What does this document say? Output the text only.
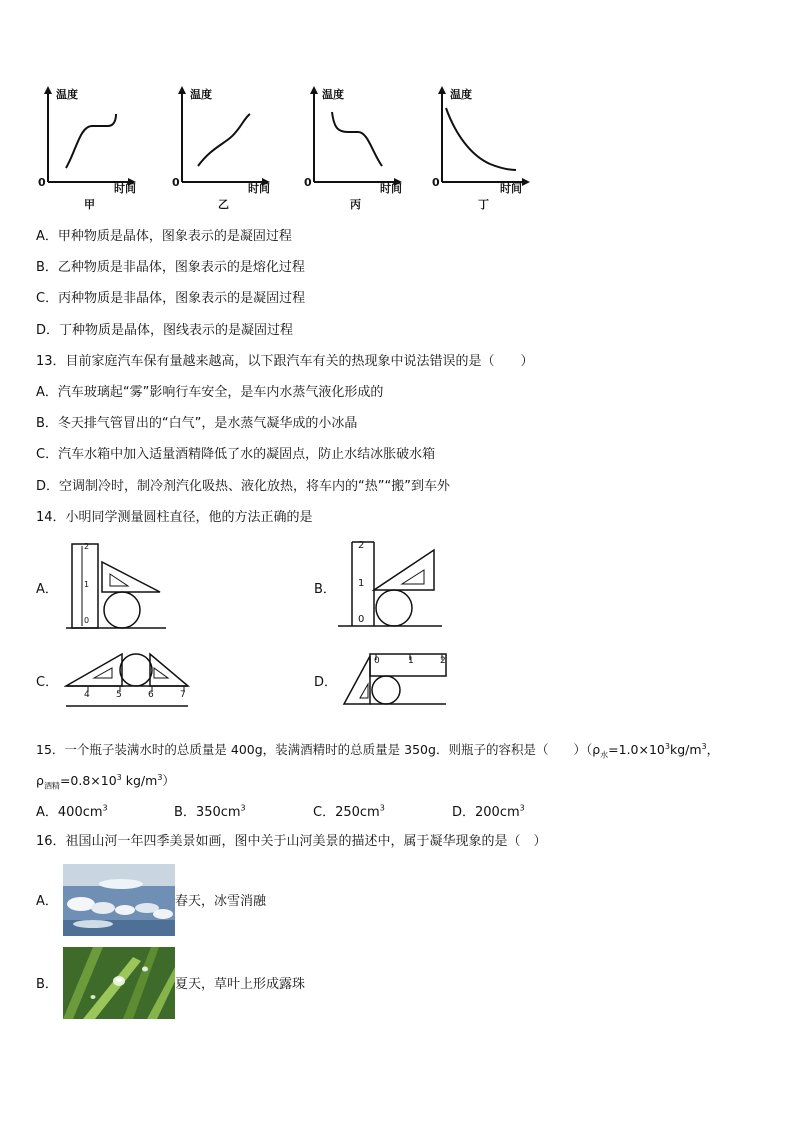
温度
0	时间
甲
温度
0	时间
乙
温度
0	时间
丙
温度
0	时间
丁
A．甲种物质是晶体，图象表示的是凝固过程
B．乙种物质是非晶体，图象表示的是熔化过程
C．丙种物质是非晶体，图象表示的是凝固过程
D．丁种物质是晶体，图线表示的是凝固过程
13．目前家庭汽车保有量越来越高，以下跟汽车有关的热现象中说法错误的是（　　）
A．汽车玻璃起“雾”影响行车安全，是车内水蒸气液化形成的
B．冬天排气管冒出的“白气”，是水蒸气凝华成的小冰晶
C．汽车水箱中加入适量酒精降低了水的凝固点，防止水结冰胀破水箱
D．空调制冷时，制冷剂汽化吸热、液化放热，将车内的“热”“搬”到车外
14．小明同学测量圆柱直径，他的方法正确的是
A．
2
1
0
B．
2
1
0
C．
4	5	6	7
D．
0	1	2
15．一个瓶子装满水时的总质量是 400g，装满酒精时的总质量是 350g．则瓶子的容积是（　　）（$\rho_水=1.0\times 10^3kg/m^3$，
$\rho_{酒精}=0.8\times 10^3$ $kg/m^3$）
A．$400cm^3$	B．$350cm^3$	C．$250cm^3$	D．$200cm^3$
16．祖国山河一年四季美景如画，图中关于山河美景的描述中，属于凝华现象的是（　）
A．	春天，冰雪消融
B．	夏天，草叶上形成露珠
